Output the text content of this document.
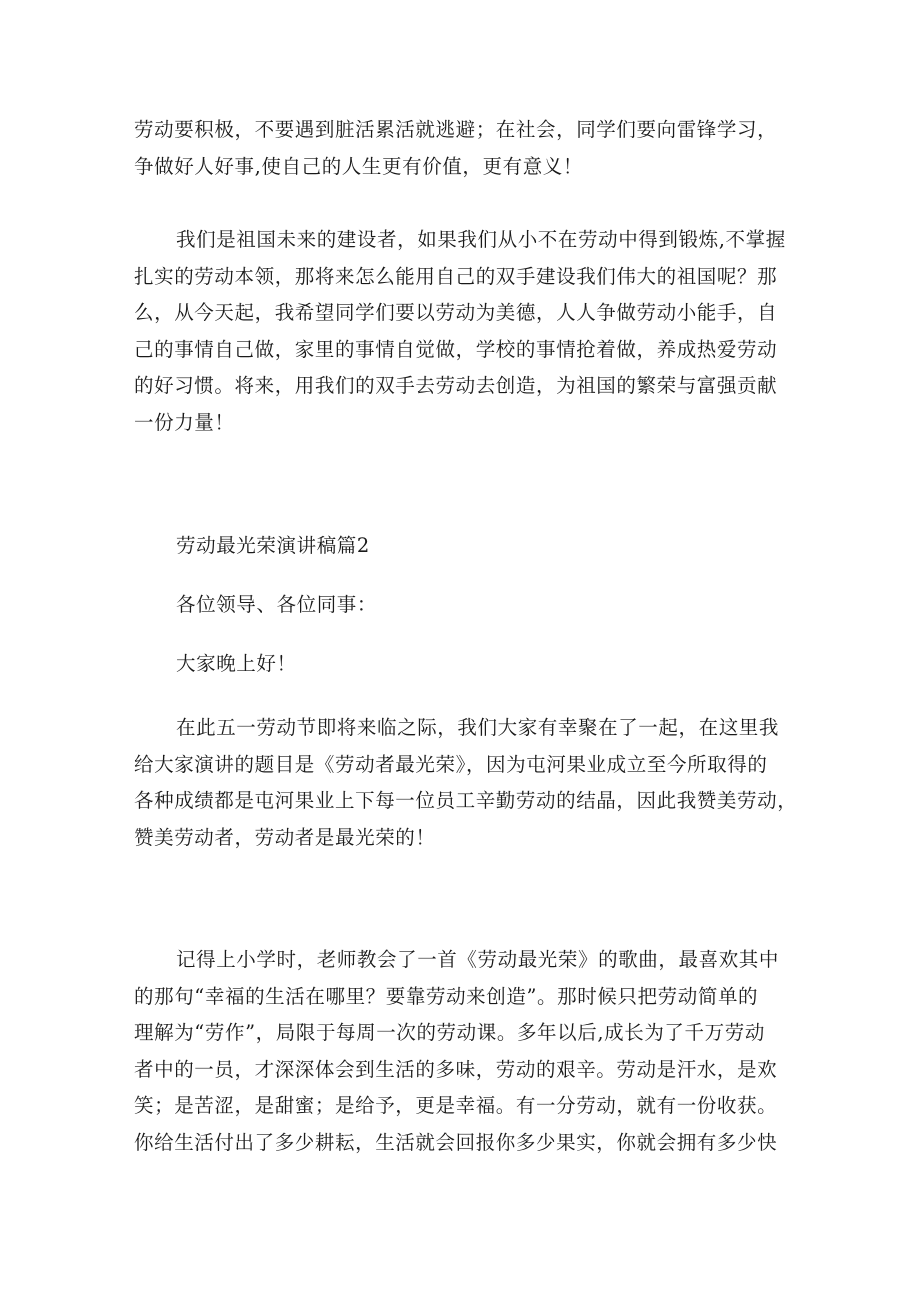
劳动要积极，不要遇到脏活累活就逃避；在社会，同学们要向雷锋学习，
争做好人好事,使自己的人生更有价值，更有意义！
我们是祖国未来的建设者，如果我们从小不在劳动中得到锻炼,不掌握
扎实的劳动本领，那将来怎么能用自己的双手建设我们伟大的祖国呢？那
么，从今天起，我希望同学们要以劳动为美德，人人争做劳动小能手，自
己的事情自己做，家里的事情自觉做，学校的事情抢着做，养成热爱劳动
的好习惯。将来，用我们的双手去劳动去创造，为祖国的繁荣与富强贡献
一份力量！
劳动最光荣演讲稿篇2
各位领导、各位同事：
大家晚上好！
在此五一劳动节即将来临之际，我们大家有幸聚在了一起，在这里我
给大家演讲的题目是《劳动者最光荣》，因为屯河果业成立至今所取得的
各种成绩都是屯河果业上下每一位员工辛勤劳动的结晶，因此我赞美劳动，
赞美劳动者，劳动者是最光荣的！
记得上小学时，老师教会了一首《劳动最光荣》的歌曲，最喜欢其中
的那句“幸福的生活在哪里？要靠劳动来创造”。那时候只把劳动简单的
理解为“劳作”，局限于每周一次的劳动课。多年以后,成长为了千万劳动
者中的一员，才深深体会到生活的多味，劳动的艰辛。劳动是汗水，是欢
笑；是苦涩，是甜蜜；是给予，更是幸福。有一分劳动，就有一份收获。
你给生活付出了多少耕耘，生活就会回报你多少果实，你就会拥有多少快
